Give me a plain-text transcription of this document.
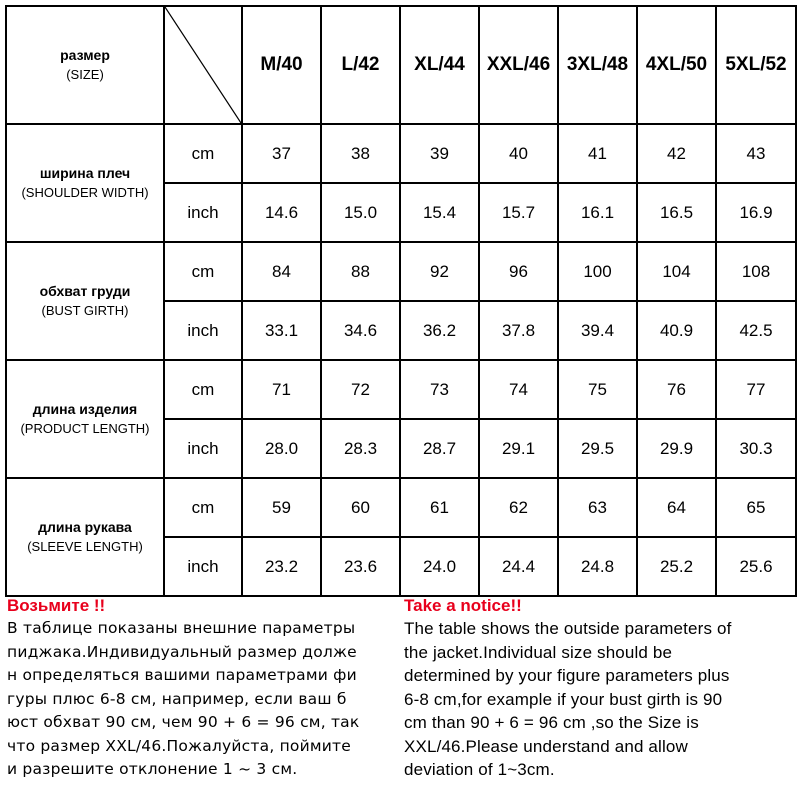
размер
(SIZE)		M/40	L/42	XL/44	XXL/46	3XL/48	4XL/50	5XL/52

ширина плеч
(SHOULDER WIDTH)	cm	37	38	39	40	41	42	43
	inch	14.6	15.0	15.4	15.7	16.1	16.5	16.9

обхват груди
(BUST GIRTH)	cm	84	88	92	96	100	104	108
	inch	33.1	34.6	36.2	37.8	39.4	40.9	42.5

длина изделия
(PRODUCT LENGTH)	cm	71	72	73	74	75	76	77
	inch	28.0	28.3	28.7	29.1	29.5	29.9	30.3

длина рукава
(SLEEVE LENGTH)	cm	59	60	61	62	63	64	65
	inch	23.2	23.6	24.0	24.4	24.8	25.2	25.6
Возьмите !!
В таблице показаны внешние параметры
пиджака.Индивидуальный размер долже
н определяться вашими параметрами фи
гуры плюс 6-8 см, например, если ваш б
юст обхват 90 см, чем 90 + 6 = 96 см, так
что размер XXL/46.Пожалуйста, поймите
и разрешите отклонение 1 ~ 3 см.
Take a notice!!
The table shows the outside parameters of
the jacket.Individual size should be
determined by your figure parameters plus
6-8 cm,for example if your bust girth is 90
cm than 90 + 6 = 96 cm ,so the Size is
XXL/46.Please understand and allow
deviation of 1~3cm.
